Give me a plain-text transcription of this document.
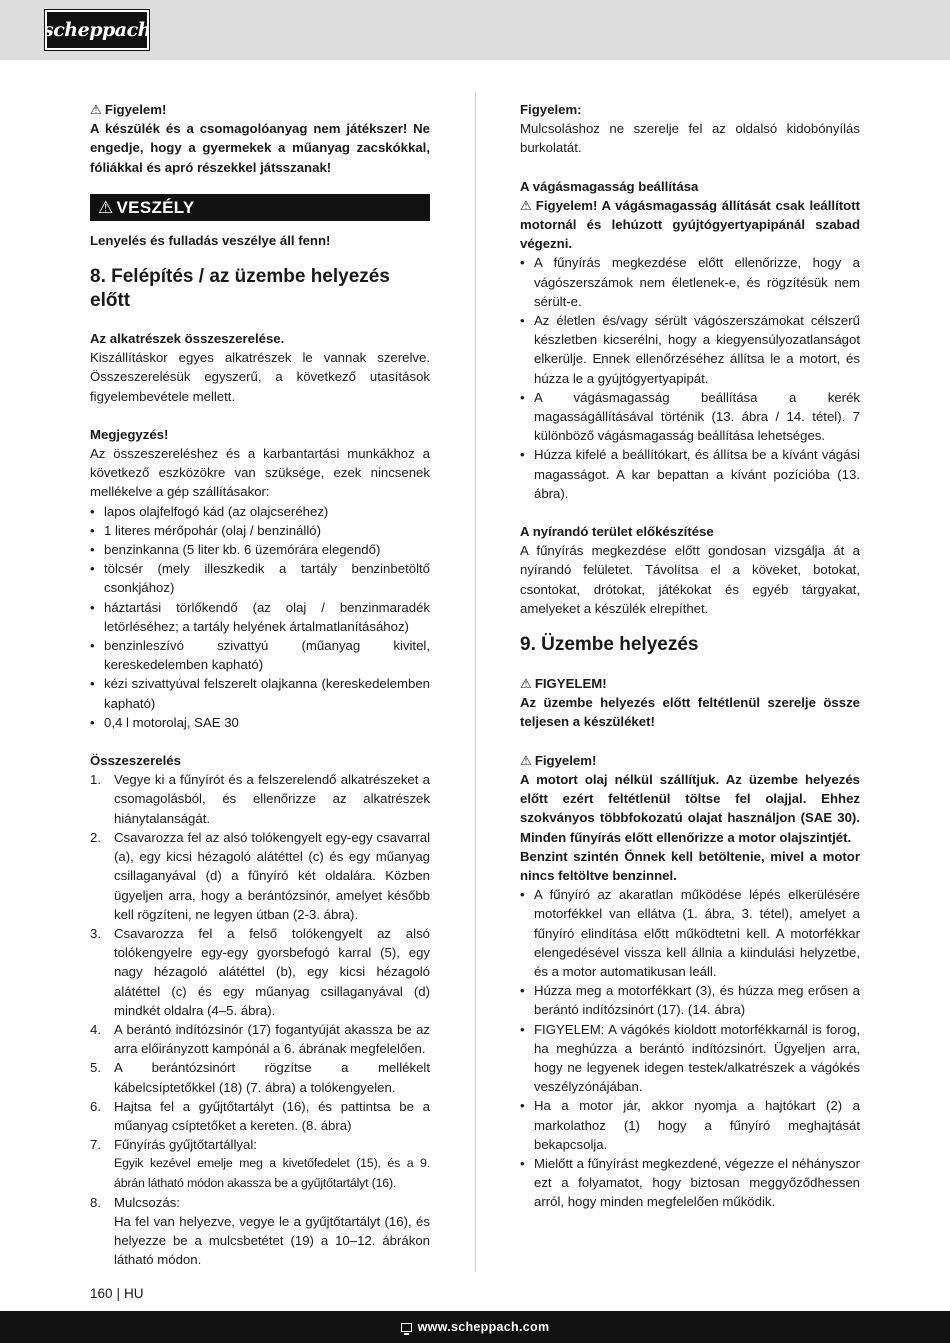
scheppach

⚠ Figyelem!

A készülék és a csomagolóanyag nem játékszer! Ne engedje, hogy a gyermekek a műanyag zacskókkal, fóliákkal és apró részekkel játsszanak!

⚠ VESZÉLY

Lenyelés és fulladás veszélye áll fenn!

8. Felépítés / az üzembe helyezés előtt

Az alkatrészek összeszerelése.

Kiszállításkor egyes alkatrészek le vannak szerelve. Összeszerelésük egyszerű, a következő utasítások figyelembevétele mellett.

Megjegyzés!

Az összeszereléshez és a karbantartási munkákhoz a következő eszközökre van szüksége, ezek nincsenek mellékelve a gép szállításakor:

• lapos olajfelfogó kád (az olajcseréhez)
• 1 literes mérőpohár (olaj / benzinálló)
• benzinkanna (5 liter kb. 6 üzemórára elegendő)
• tölcsér (mely illeszkedik a tartály benzinbetöltő csonkjához)
• háztartási törlőkendő (az olaj / benzinmaradék letörléséhez; a tartály helyének ártalmatlanításához)
• benzinleszívó szivattyú (műanyag kivitel, kereskedelemben kapható)
• kézi szivattyúval felszerelt olajkanna (kereskedelemben kapható)
• 0,4 l motorolaj, SAE 30

Összeszerelés

1. Vegye ki a fűnyírót és a felszerelendő alkatrészeket a csomagolásból, és ellenőrizze az alkatrészek hiánytalanságát.
2. Csavarozza fel az alsó tolókengyelt egy-egy csavarral (a), egy kicsi hézagoló alátéttel (c) és egy műanyag csillaganyával (d) a fűnyíró két oldalára. Közben ügyeljen arra, hogy a berántózsinór, amelyet később kell rögzíteni, ne legyen útban (2-3. ábra).
3. Csavarozza fel a felső tolókengyelt az alsó tolókengyelre egy-egy gyorsbefogó karral (5), egy nagy hézagoló alátéttel (b), egy kicsi hézagoló alátéttel (c) és egy műanyag csillaganyával (d) mindkét oldalra (4–5. ábra).
4. A berántó indítózsinór (17) fogantyúját akassza be az arra előirányzott kampónál a 6. ábrának megfelelően.
5. A berántózsinórt rögzítse a mellékelt kábelcsíptetőkkel (18) (7. ábra) a tolókengyelen.
6. Hajtsa fel a gyűjtőtartályt (16), és pattintsa be a műanyag csíptetőket a kereten. (8. ábra)
7. Fűnyírás gyűjtőtartállyal:
Egyik kezével emelje meg a kivetőfedelet (15), és a 9. ábrán látható módon akassza be a gyűjtőtartályt (16).
8. Mulcsozás:
Ha fel van helyezve, vegye le a gyűjtőtartályt (16), és helyezze be a mulcsbetétet (19) a 10–12. ábrákon látható módon.

Figyelem:

Mulcsoláshoz ne szerelje fel az oldalsó kidobónyílás burkolatát.

A vágásmagasság beállítása

⚠ Figyelem! A vágásmagasság állítását csak leállított motornál és lehúzott gyújtógyertyapipánál szabad végezni.

• A fűnyírás megkezdése előtt ellenőrizze, hogy a vágószerszámok nem életlenek-e, és rögzítésük nem sérült-e.
• Az életlen és/vagy sérült vágószerszámokat célszerű készletben kicserélni, hogy a kiegyensúlyozatlanságot elkerülje. Ennek ellenőrzéséhez állítsa le a motort, és húzza le a gyújtógyertyapipát.
• A vágásmagasság beállítása a kerék magasságállításával történik (13. ábra / 14. tétel). 7 különböző vágásmagasság beállítása lehetséges.
• Húzza kifelé a beállítókart, és állítsa be a kívánt vágási magasságot. A kar bepattan a kívánt pozícióba (13. ábra).

A nyírandó terület előkészítése

A fűnyírás megkezdése előtt gondosan vizsgálja át a nyírandó felületet. Távolítsa el a köveket, botokat, csontokat, drótokat, játékokat és egyéb tárgyakat, amelyeket a készülék elrepíthet.

9. Üzembe helyezés

⚠ FIGYELEM!

Az üzembe helyezés előtt feltétlenül szerelje össze teljesen a készüléket!

⚠ Figyelem!

A motort olaj nélkül szállítjuk. Az üzembe helyezés előtt ezért feltétlenül töltse fel olajjal. Ehhez szokványos többfokozatú olajat használjon (SAE 30). Minden fűnyírás előtt ellenőrizze a motor olajszintjét.

Benzint szintén Önnek kell betöltenie, mivel a motor nincs feltöltve benzinnel.

• A fűnyíró az akaratlan működése lépés elkerülésére motorfékkel van ellátva (1. ábra, 3. tétel), amelyet a fűnyíró elindítása előtt működtetni kell. A motorfékkar elengedésével vissza kell állnia a kiindulási helyzetbe, és a motor automatikusan leáll.
• Húzza meg a motorfékkart (3), és húzza meg erősen a berántó indítózsinórt (17). (14. ábra)
• FIGYELEM: A vágókés kioldott motorfékkarnál is forog, ha meghúzza a berántó indítózsinórt. Ügyeljen arra, hogy ne legyenek idegen testek/alkatrészek a vágókés veszélyzónájában.
• Ha a motor jár, akkor nyomja a hajtókart (2) a markolathoz (1) hogy a fűnyíró meghajtását bekapcsolja.
• Mielőtt a fűnyírást megkezdené, végezze el néhányszor ezt a folyamatot, hogy biztosan meggyőződhessen arról, hogy minden megfelelően működik.
160 | HU
www.scheppach.com
